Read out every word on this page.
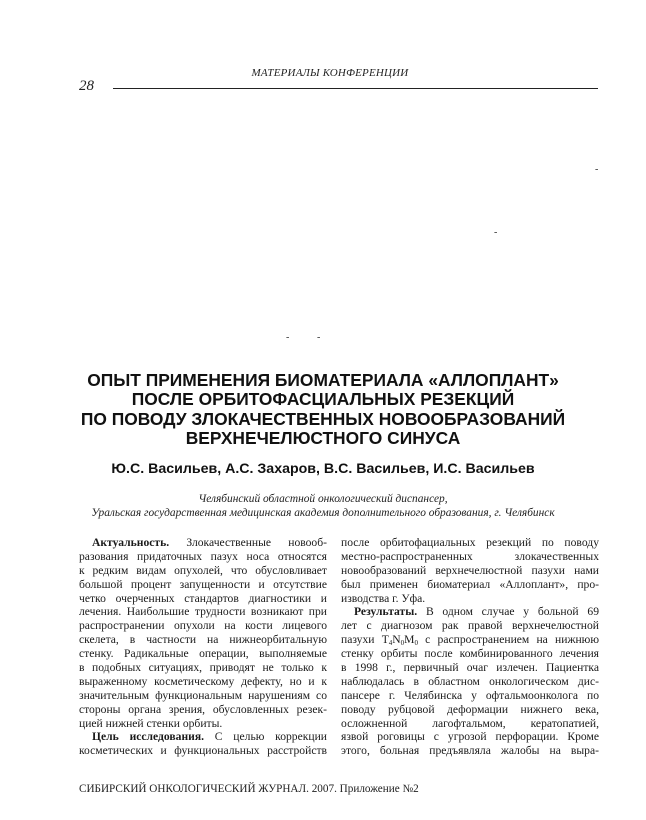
МАТЕРИАЛЫ КОНФЕРЕНЦИИ
28
-
-
-	-
ОПЫТ ПРИМЕНЕНИЯ БИОМАТЕРИАЛА «АЛЛОПЛАНТ»
ПОСЛЕ ОРБИТОФАСЦИАЛЬНЫХ РЕЗЕКЦИЙ
ПО ПОВОДУ ЗЛОКАЧЕСТВЕННЫХ НОВООБРАЗОВАНИЙ
ВЕРХНЕЧЕЛЮСТНОГО СИНУСА
Ю.С. Васильев, А.С. Захаров, В.С. Васильев, И.С. Васильев
Челябинский областной онкологический диспансер,
Уральская государственная медицинская академия дополнительного образования, г. Челябинск
Актуальность. Злокачественные новооб-
разования придаточных пазух носа относятся
к редким видам опухолей, что обусловливает
большой процент запущенности и отсутствие
четко очерченных стандартов диагностики и
лечения. Наибольшие трудности возникают при
распространении опухоли на кости лицевого
скелета, в частности на нижнеорбитальную
стенку. Радикальные операции, выполняемые
в подобных ситуациях, приводят не только к
выраженному косметическому дефекту, но и к
значительным функциональным нарушениям со
стороны органа зрения, обусловленных резек-
цией нижней стенки орбиты.
Цель исследования. С целью коррекции
косметических и функциональных расстройств
после орбитофациальных резекций по поводу
местно-распространенных злокачественных
новообразований верхнечелюстной пазухи нами
был применен биоматериал «Аллоплант», про-
изводства г. Уфа.
Результаты. В одном случае у больной 69
лет с диагнозом рак правой верхнечелюстной
пазухи $Т_4N_0М_0$ с распространением на нижнюю
стенку орбиты после комбинированного лечения
в 1998 г., первичный очаг излечен. Пациентка
наблюдалась в областном онкологическом дис-
пансере г. Челябинска у офтальмоонколога по
поводу рубцовой деформации нижнего века,
осложненной лагофтальмом, кератопатией,
язвой роговицы с угрозой перфорации. Кроме
этого, больная предъявляла жалобы на выра-
СИБИРСКИЙ ОНКОЛОГИЧЕСКИЙ ЖУРНАЛ. 2007. Приложение №2
